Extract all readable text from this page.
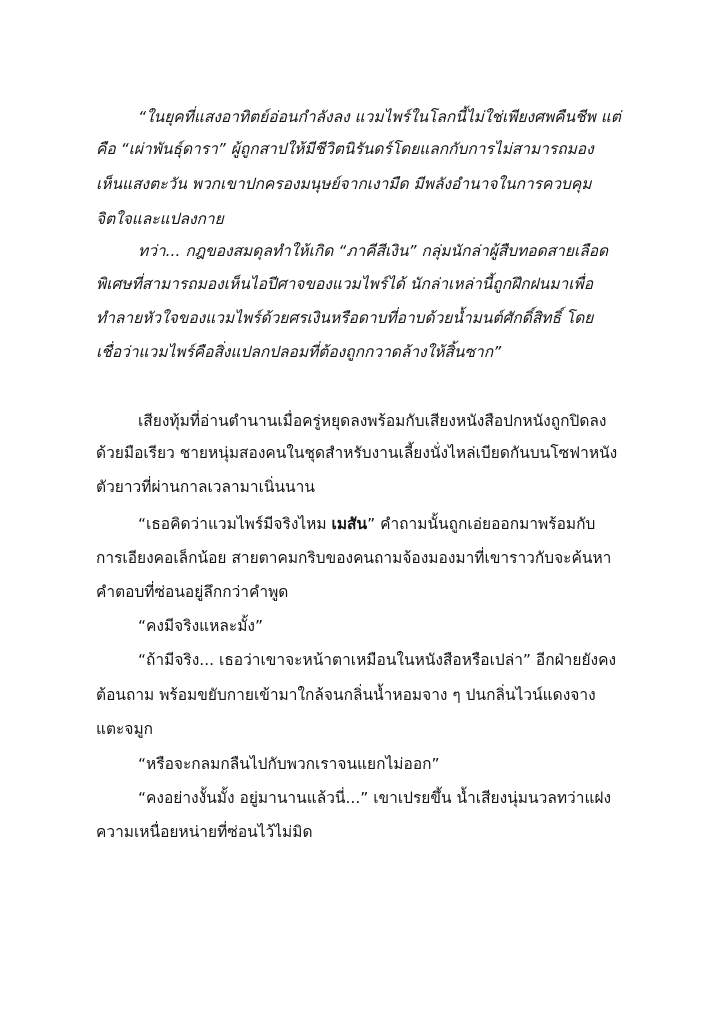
“ในยุคที่แสงอาทิตย์อ่อนกำลังลง แวมไพร์ในโลกนี้ไม่ใช่เพียงศพคืนชีพ แต่
คือ “เผ่าพันธุ์ดารา” ผู้ถูกสาปให้มีชีวิตนิรันดร์โดยแลกกับการไม่สามารถมอง
เห็นแสงตะวัน พวกเขาปกครองมนุษย์จากเงามืด มีพลังอำนาจในการควบคุม
จิตใจและแปลงกาย
ทว่า... กฎของสมดุลทำให้เกิด “ภาคีสีเงิน” กลุ่มนักล่าผู้สืบทอดสายเลือด
พิเศษที่สามารถมองเห็นไอปีศาจของแวมไพร์ได้ นักล่าเหล่านี้ถูกฝึกฝนมาเพื่อ
ทำลายหัวใจของแวมไพร์ด้วยศรเงินหรือดาบที่อาบด้วยน้ำมนต์ศักดิ์สิทธิ์ โดย
เชื่อว่าแวมไพร์คือสิ่งแปลกปลอมที่ต้องถูกกวาดล้างให้สิ้นซาก”
เสียงทุ้มที่อ่านตำนานเมื่อครู่หยุดลงพร้อมกับเสียงหนังสือปกหนังถูกปิดลง
ด้วยมือเรียว ชายหนุ่มสองคนในชุดสำหรับงานเลี้ยงนั่งไหล่เบียดกันบนโซฟาหนัง
ตัวยาวที่ผ่านกาลเวลามาเนิ่นนาน
“เธอคิดว่าแวมไพร์มีจริงไหม เมสัน” คำถามนั้นถูกเอ่ยออกมาพร้อมกับ
การเอียงคอเล็กน้อย สายตาคมกริบของคนถามจ้องมองมาที่เขาราวกับจะค้นหา
คำตอบที่ซ่อนอยู่ลึกกว่าคำพูด
“คงมีจริงแหละมั้ง”
“ถ้ามีจริง... เธอว่าเขาจะหน้าตาเหมือนในหนังสือหรือเปล่า” อีกฝ่ายยังคง
ต้อนถาม พร้อมขยับกายเข้ามาใกล้จนกลิ่นน้ำหอมจาง ๆ ปนกลิ่นไวน์แดงจาง
แตะจมูก
“หรือจะกลมกลืนไปกับพวกเราจนแยกไม่ออก”
“คงอย่างงั้นมั้ง อยู่มานานแล้วนี่...” เขาเปรยขึ้น น้ำเสียงนุ่มนวลทว่าแฝง
ความเหนื่อยหน่ายที่ซ่อนไว้ไม่มิด
